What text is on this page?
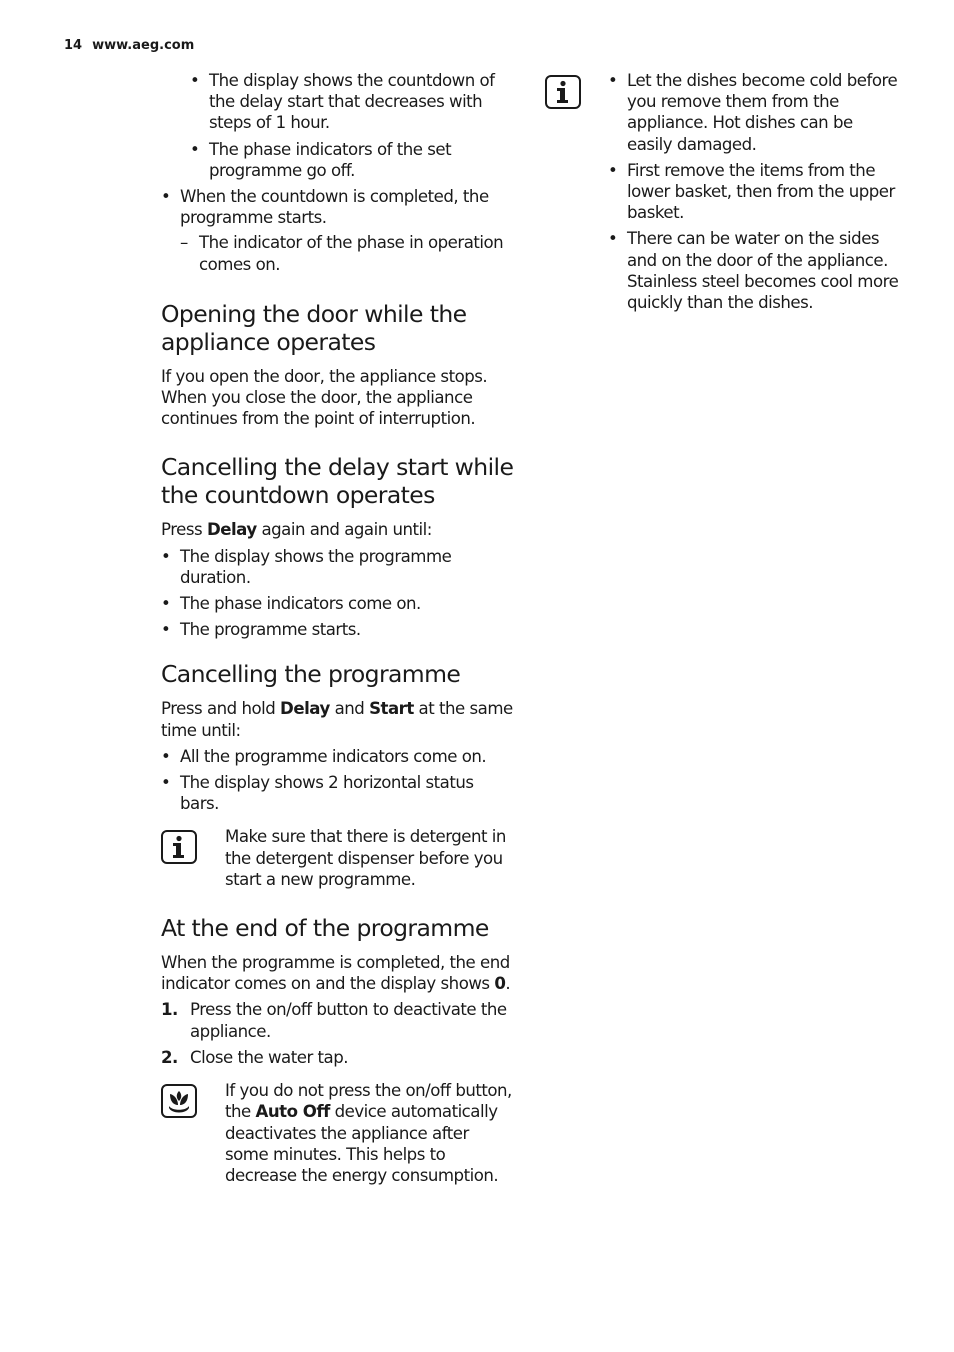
14 www.aeg.com
• The display shows the countdown of the delay start that decreases with steps of 1 hour.
• The phase indicators of the set programme go off.
• When the countdown is completed, the programme starts.
– The indicator of the phase in operation comes on.
Opening the door while the appliance operates

If you open the door, the appliance stops. When you close the door, the appliance continues from the point of interruption.

Cancelling the delay start while the countdown operates

Press Delay again and again until:

• The display shows the programme duration.
• The phase indicators come on.
• The programme starts.
Cancelling the programme

Press and hold Delay and Start at the same time until:

• All the programme indicators come on.
• The display shows 2 horizontal status bars.
Make sure that there is detergent in the detergent dispenser before you start a new programme.
At the end of the programme

When the programme is completed, the end indicator comes on and the display shows 0.

1. Press the on/off button to deactivate the appliance.
2. Close the water tap.
If you do not press the on/off button, the Auto Off device automatically deactivates the appliance after some minutes. This helps to decrease the energy consumption.
• Let the dishes become cold before you remove them from the appliance. Hot dishes can be easily damaged.
• First remove the items from the lower basket, then from the upper basket.
• There can be water on the sides and on the door of the appliance. Stainless steel becomes cool more quickly than the dishes.
